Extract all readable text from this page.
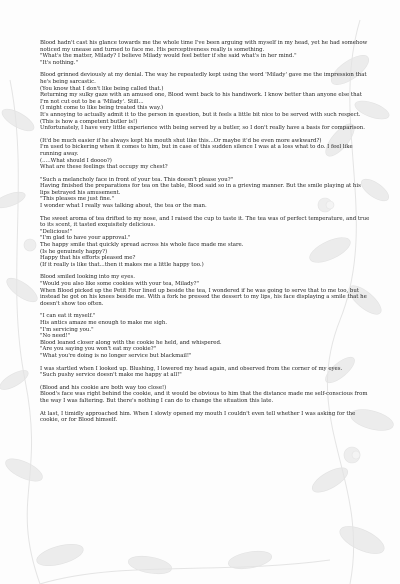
Blood hadn't cast his glance towards me the whole time I've been arguing with myself in my head, yet he had somehow noticed my unease and turned to face me. His perceptiveness really is something.
"What's the matter, Milady? I believe Milady would feel better if she said what's in her mind."
"It's nothing."
Blood grinned deviously at my denial. The way he repeatedly kept using the word 'Milady' gave me the impression that he's being sarcastic.
(You know that I don't like being called that.)
Returning my sulky gaze with an amused one, Blood went back to his handiwork. I know better than anyone else that I'm not cut out to be a 'Milady'. Still...
(I might come to like being treated this way.)
It's annoying to actually admit it to the person in question, but it feels a little bit nice to be served with such respect.
(This is how a competent butler is!)
Unfortunately, I have very little experience with being served by a butler, so I don't really have a basis for comparison.
(It'd be much easier if he always kept his mouth shut like this...Or maybe it'd be even more awkward?)
I'm used to bickering when it comes to him, but in case of this sudden silence I was at a loss what to do. I feel like running away.
(.....What should I doooo?)
What are these feelings that occupy my chest?
"Such a melancholy face in front of your tea. This doesn't please you?"
Having finished the preparations for tea on the table, Blood said so in a grieving manner. But the smile playing at his lips betrayed his amusement.
"This pleases me just fine."
I wonder what I really was talking about, the tea or the man.
The sweet aroma of tea drifted to my nose, and I raised the cup to taste it. The tea was of perfect temperature, and true to its scent, it tasted exquisitely delicious.
"Delicious!"
"I'm glad to have your approval."
The happy smile that quickly spread across his whole face made me stare.
(Is he genuinely happy?)
Happy that his efforts pleased me?
(If it really is like that...then it makes me a little happy too.)
Blood smiled looking into my eyes.
"Would you also like some cookies with your tea, Milady?"
When Blood picked up the Petit Four lined up beside the tea, I wondered if he was going to serve that to me too, but instead he got on his knees beside me. With a fork he pressed the dessert to my lips, his face displaying a smile that he doesn't show too often.
"I can eat it myself."
His antics amaze me enough to make me sigh.
"I'm servicing you."
"No need!"
Blood leaned closer along with the cookie he held, and whispered.
"Are you saying you won't eat my cookie?"
"What you're doing is no longer service but blackmail!"
I was startled when I looked up. Blushing, I lowered my head again, and observed from the corner of my eyes.
"Such pushy service doesn't make me happy at all!"
(Blood and his cookie are both way too close!)
Blood's face was right behind the cookie, and it would be obvious to him that the distance made me self-conscious from the way I was faltering. But there's nothing I can do to change the situation this late.
At last, I timidly approached him. When I slowly opened my mouth I couldn't even tell whether I was asking for the cookie, or for Blood himself.
